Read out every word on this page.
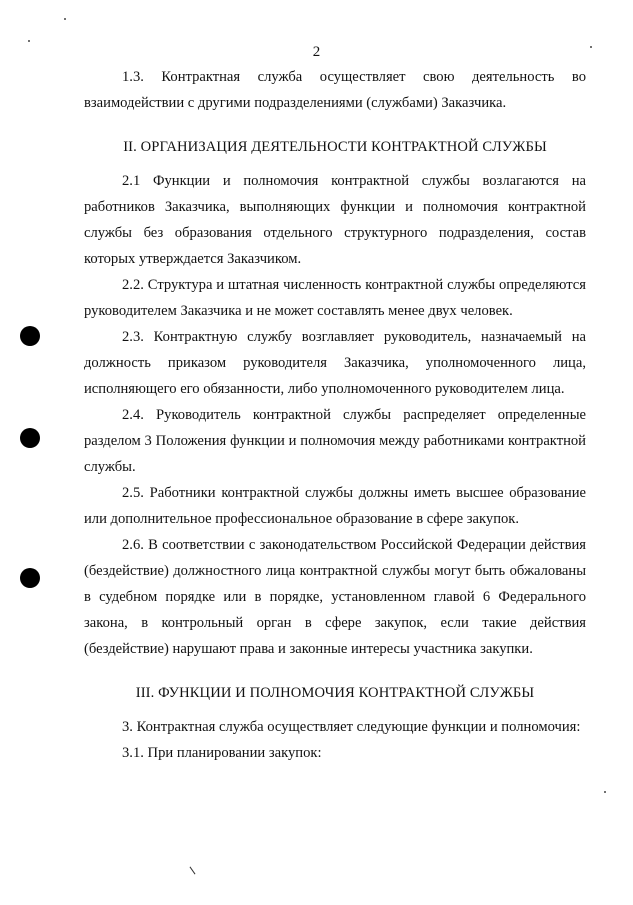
2

1.3. Контрактная служба осуществляет свою деятельность во взаимодействии с другими подразделениями (службами) Заказчика.

II. ОРГАНИЗАЦИЯ ДЕЯТЕЛЬНОСТИ КОНТРАКТНОЙ СЛУЖБЫ

2.1 Функции и полномочия контрактной службы возлагаются на работников Заказчика, выполняющих функции и полномочия контрактной службы без образования отдельного структурного подразделения, состав которых утверждается Заказчиком.

2.2. Структура и штатная численность контрактной службы определяются руководителем Заказчика и не может составлять менее двух человек.

2.3. Контрактную службу возглавляет руководитель, назначаемый на должность приказом руководителя Заказчика, уполномоченного лица, исполняющего его обязанности, либо уполномоченного руководителем лица.

2.4. Руководитель контрактной службы распределяет определенные разделом 3 Положения функции и полномочия между работниками контрактной службы.

2.5. Работники контрактной службы должны иметь высшее образование или дополнительное профессиональное образование в сфере закупок.

2.6. В соответствии с законодательством Российской Федерации действия (бездействие) должностного лица контрактной службы могут быть обжалованы в судебном порядке или в порядке, установленном главой 6 Федерального закона, в контрольный орган в сфере закупок, если такие действия (бездействие) нарушают права и законные интересы участника закупки.

III. ФУНКЦИИ И ПОЛНОМОЧИЯ КОНТРАКТНОЙ СЛУЖБЫ

3. Контрактная служба осуществляет следующие функции и полномочия:

3.1. При планировании закупок:
